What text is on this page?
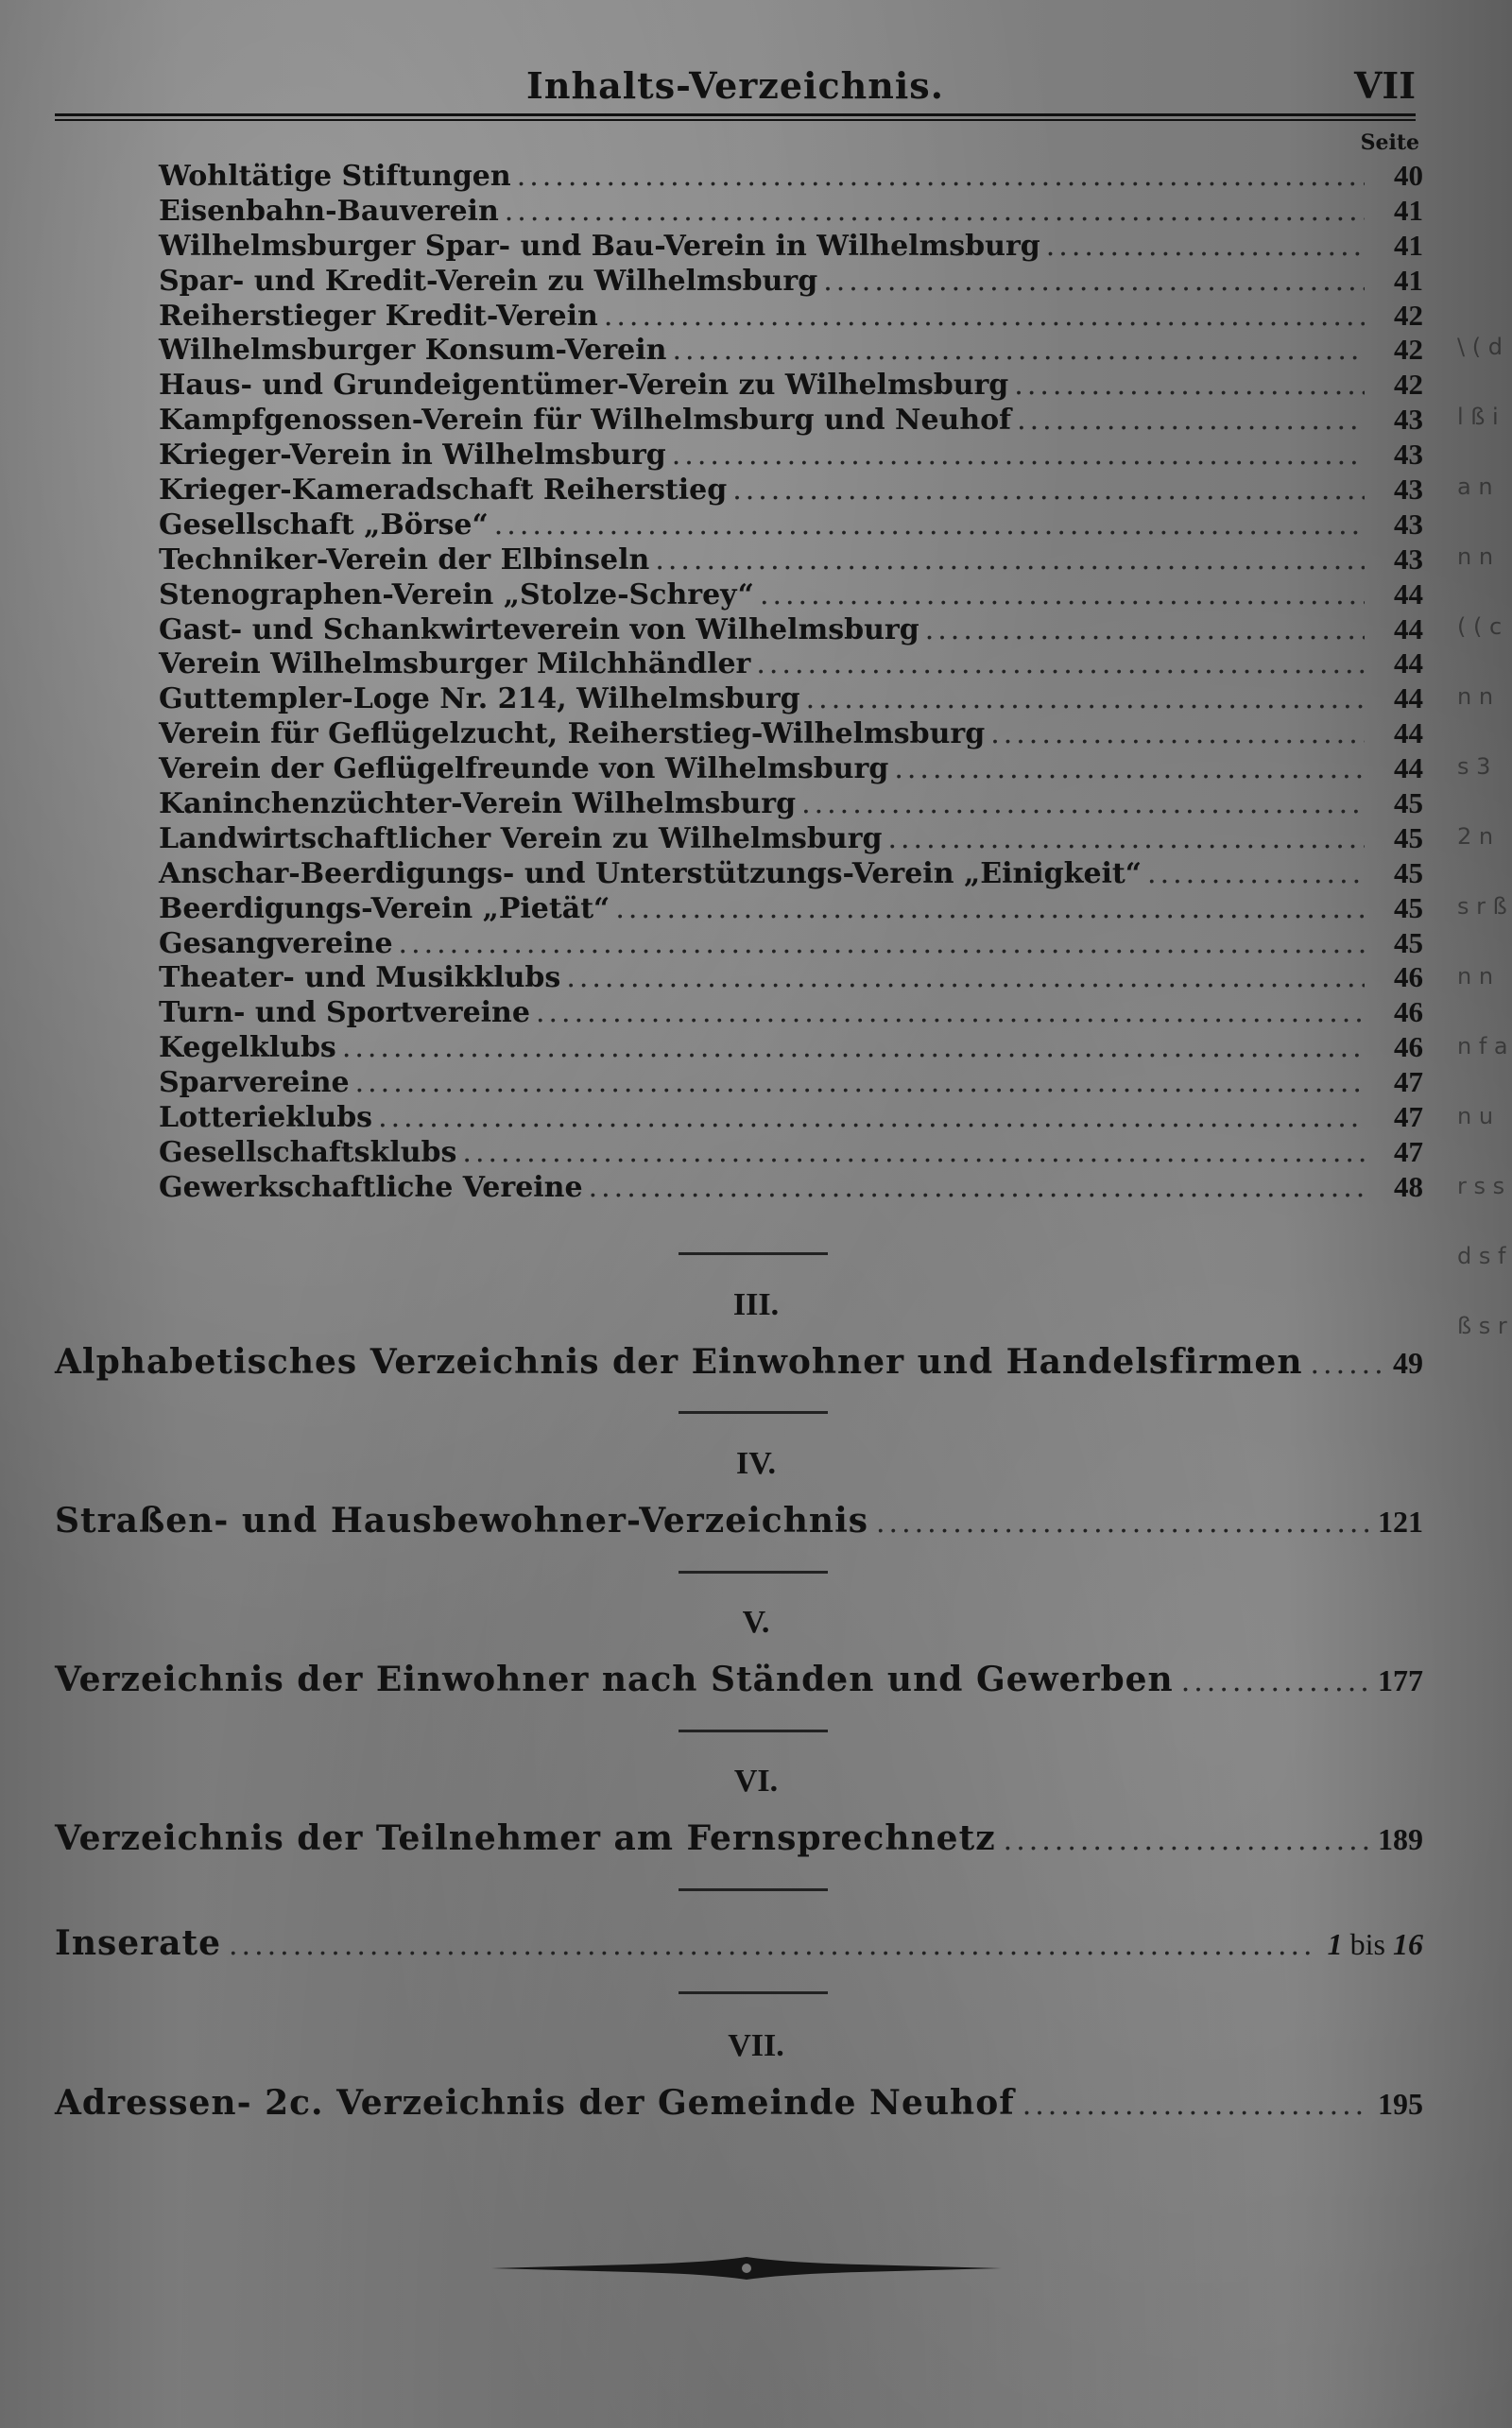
Inhalts-Verzeichnis.	VII
Seite
Wohltätige Stiftungen .....	40
Eisenbahn-Bauverein .....	41
Wilhelmsburger Spar- und Bau-Verein in Wilhelmsburg .....	41
Spar- und Kredit-Verein zu Wilhelmsburg .....	41
Reiherstieger Kredit-Verein .....	42
Wilhelmsburger Konsum-Verein .....	42
Haus- und Grundeigentümer-Verein zu Wilhelmsburg .....	42
Kampfgenossen-Verein für Wilhelmsburg und Neuhof .....	43
Krieger-Verein in Wilhelmsburg .....	43
Krieger-Kameradschaft Reiherstieg .....	43
Gesellschaft „Börse“ .....	43
Techniker-Verein der Elbinseln .....	43
Stenographen-Verein „Stolze-Schrey“ .....	44
Gast- und Schankwirteverein von Wilhelmsburg .....	44
Verein Wilhelmsburger Milchhändler .....	44
Guttempler-Loge Nr. 214, Wilhelmsburg .....	44
Verein für Geflügelzucht, Reiherstieg-Wilhelmsburg .....	44
Verein der Geflügelfreunde von Wilhelmsburg .....	44
Kaninchenzüchter-Verein Wilhelmsburg .....	45
Landwirtschaftlicher Verein zu Wilhelmsburg .....	45
Anschar-Beerdigungs- und Unterstützungs-Verein „Einigkeit“ .....	45
Beerdigungs-Verein „Pietät“ .....	45
Gesangvereine .....	45
Theater- und Musikklubs .....	46
Turn- und Sportvereine .....	46
Kegelklubs .....	46
Sparvereine .....	47
Lotterieklubs .....	47
Gesellschaftsklubs .....	47
Gewerkschaftliche Vereine .....	48
III.
Alphabetisches Verzeichnis der Einwohner und Handelsfirmen .....	49
IV.
Straßen- und Hausbewohner-Verzeichnis .....	121
V.
Verzeichnis der Einwohner nach Ständen und Gewerben .....	177
VI.
Verzeichnis der Teilnehmer am Fernsprechnetz .....	189
Inserate .....	1 bis 16
VII.
Adressen- 2c. Verzeichnis der Gemeinde Neuhof .....	195
\ ( d l ß i a n n n ( ( c n n s 3 2 n s r ß n n n f a n u r s s d s f ß s r
